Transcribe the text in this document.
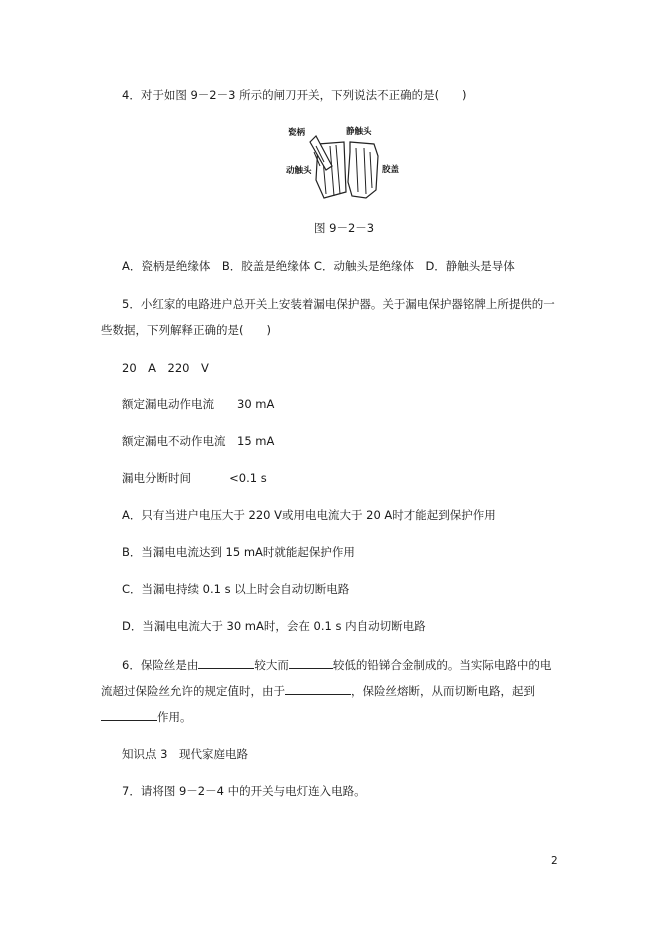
4．对于如图 9－2－3 所示的闸刀开关，下列说法不正确的是(　　)
瓷柄	静触头
动触头	胶盖
图 9－2－3
A．瓷柄是绝缘体　B．胶盖是绝缘体 C．动触头是绝缘体　D．静触头是导体
5．小红家的电路进户总开关上安装着漏电保护器。关于漏电保护器铭牌上所提供的一
些数据，下列解释正确的是(　　)
20　A　220　V
额定漏电动作电流　　30 mA
额定漏电不动作电流　15 mA
漏电分断时间　　　 <0.1 s
A．只有当进户电压大于 220 V或用电电流大于 20 A时才能起到保护作用
B．当漏电电流达到 15 mA时就能起保护作用
C．当漏电持续 0.1 s 以上时会自动切断电路
D．当漏电电流大于 30 mA时，会在 0.1 s 内自动切断电路
6．保险丝是由	较大而	较低的铅锑合金制成的。当实际电路中的电
流超过保险丝允许的规定值时，由于	，保险丝熔断，从而切断电路，起到
作用。
知识点 3　现代家庭电路
7．请将图 9－2－4 中的开关与电灯连入电路。
2
